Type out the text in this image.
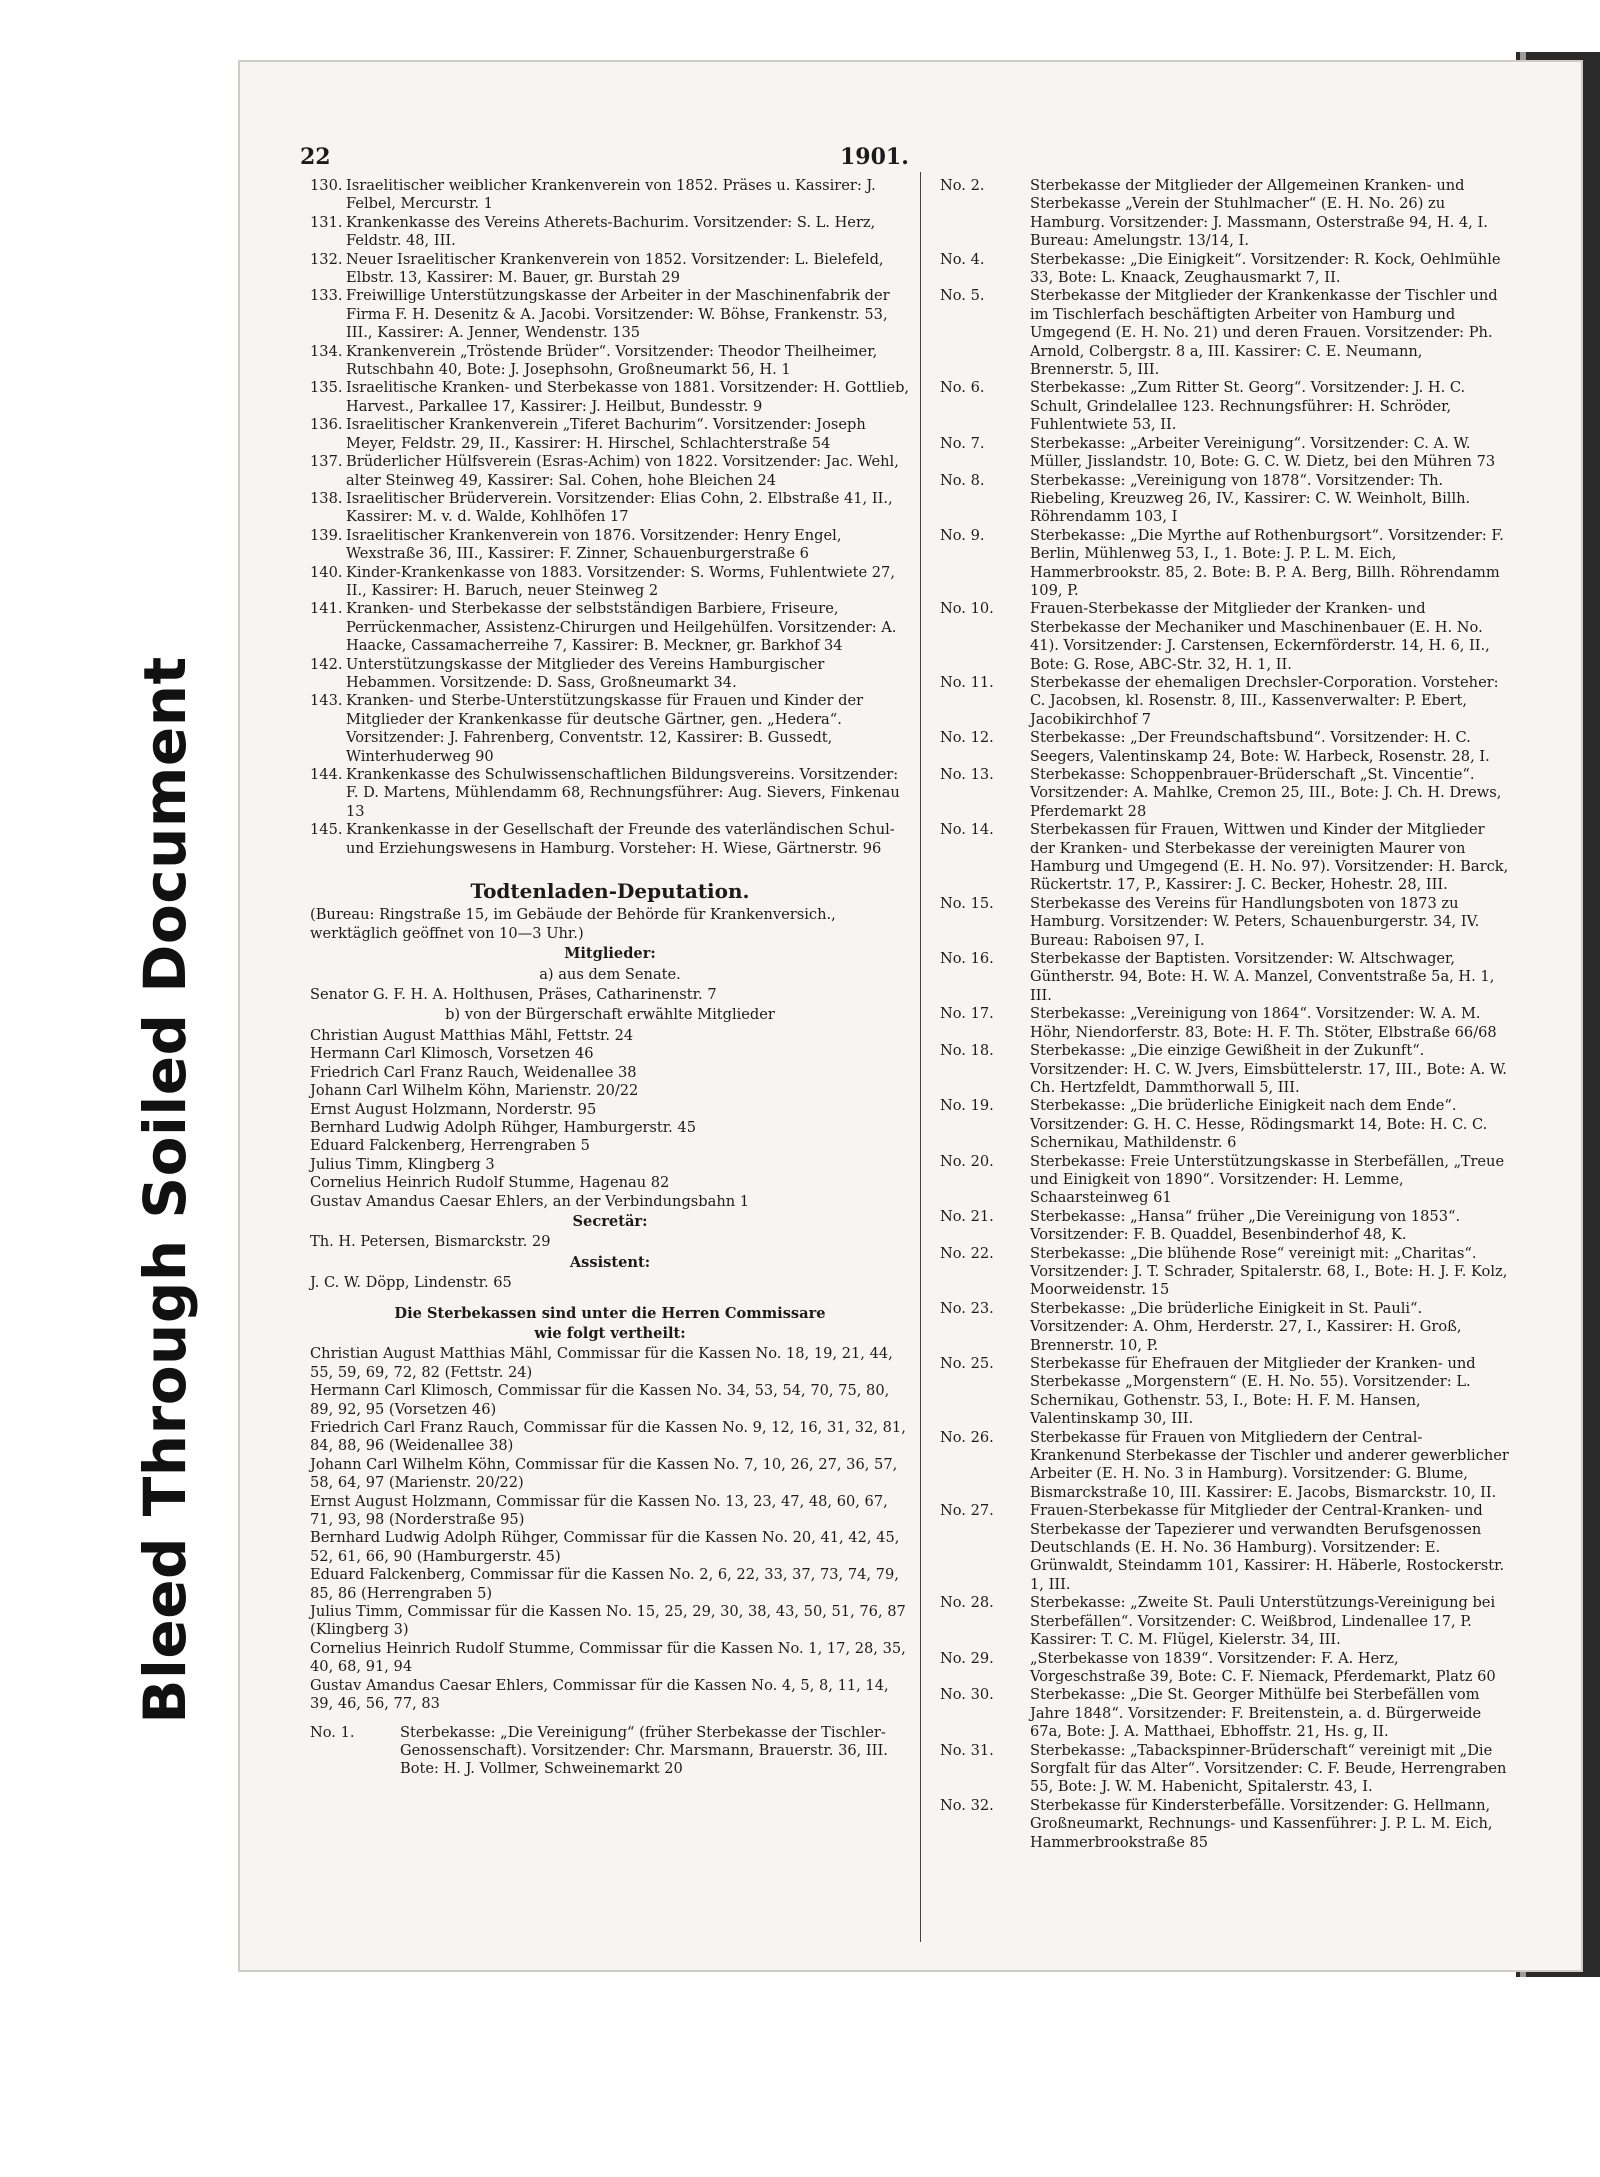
Bleed Through Soiled Document
22	1901.

130. Israelitischer weiblicher Krankenverein von 1852. Präses u. Kassirer: J. Felbel, Mercurstr. 1

131. Krankenkasse des Vereins Atherets-Bachurim. Vorsitzender: S. L. Herz, Feldstr. 48, III.

132. Neuer Israelitischer Krankenverein von 1852. Vorsitzender: L. Bielefeld, Elbstr. 13, Kassirer: M. Bauer, gr. Burstah 29

133. Freiwillige Unterstützungskasse der Arbeiter in der Maschinenfabrik der Firma F. H. Desenitz & A. Jacobi. Vorsitzender: W. Böhse, Frankenstr. 53, III., Kassirer: A. Jenner, Wendenstr. 135

134. Krankenverein „Tröstende Brüder“. Vorsitzender: Theodor Theilheimer, Rutschbahn 40, Bote: J. Josephsohn, Großneumarkt 56, H. 1

135. Israelitische Kranken- und Sterbekasse von 1881. Vorsitzender: H. Gottlieb, Harvest., Parkallee 17, Kassirer: J. Heilbut, Bundesstr. 9

136. Israelitischer Krankenverein „Tiferet Bachurim“. Vorsitzender: Joseph Meyer, Feldstr. 29, II., Kassirer: H. Hirschel, Schlachterstraße 54

137. Brüderlicher Hülfsverein (Esras-Achim) von 1822. Vorsitzender: Jac. Wehl, alter Steinweg 49, Kassirer: Sal. Cohen, hohe Bleichen 24

138. Israelitischer Brüderverein. Vorsitzender: Elias Cohn, 2. Elbstraße 41, II., Kassirer: M. v. d. Walde, Kohlhöfen 17

139. Israelitischer Krankenverein von 1876. Vorsitzender: Henry Engel, Wexstraße 36, III., Kassirer: F. Zinner, Schauenburgerstraße 6

140. Kinder-Krankenkasse von 1883. Vorsitzender: S. Worms, Fuhlentwiete 27, II., Kassirer: H. Baruch, neuer Steinweg 2

141. Kranken- und Sterbekasse der selbstständigen Barbiere, Friseure, Perrückenmacher, Assistenz-Chirurgen und Heilgehülfen. Vorsitzender: A. Haacke, Cassamacherreihe 7, Kassirer: B. Meckner, gr. Barkhof 34

142. Unterstützungskasse der Mitglieder des Vereins Hamburgischer Hebammen. Vorsitzende: D. Sass, Großneumarkt 34.

143. Kranken- und Sterbe-Unterstützungskasse für Frauen und Kinder der Mitglieder der Krankenkasse für deutsche Gärtner, gen. „Hedera“. Vorsitzender: J. Fahrenberg, Conventstr. 12, Kassirer: B. Gussedt, Winterhuderweg 90

144. Krankenkasse des Schulwissenschaftlichen Bildungsvereins. Vorsitzender: F. D. Martens, Mühlendamm 68, Rechnungsführer: Aug. Sievers, Finkenau 13

145. Krankenkasse in der Gesellschaft der Freunde des vaterländischen Schul- und Erziehungswesens in Hamburg. Vorsteher: H. Wiese, Gärtnerstr. 96

Todtenladen-Deputation.

(Bureau: Ringstraße 15, im Gebäude der Behörde für Krankenversich., werktäglich geöffnet von 10—3 Uhr.)

Mitglieder:
a) aus dem Senate.

Senator G. F. H. A. Holthusen, Präses, Catharinenstr. 7

b) von der Bürgerschaft erwählte Mitglieder

Christian August Matthias Mähl, Fettstr. 24

Hermann Carl Klimosch, Vorsetzen 46

Friedrich Carl Franz Rauch, Weidenallee 38

Johann Carl Wilhelm Köhn, Marienstr. 20/22

Ernst August Holzmann, Norderstr. 95

Bernhard Ludwig Adolph Rühger, Hamburgerstr. 45

Eduard Falckenberg, Herrengraben 5

Julius Timm, Klingberg 3

Cornelius Heinrich Rudolf Stumme, Hagenau 82

Gustav Amandus Caesar Ehlers, an der Verbindungsbahn 1

Secretär:

Th. H. Petersen, Bismarckstr. 29

Assistent:

J. C. W. Döpp, Lindenstr. 65

Die Sterbekassen sind unter die Herren Commissare
wie folgt vertheilt:

Christian August Matthias Mähl, Commissar für die Kassen No. 18, 19, 21, 44, 55, 59, 69, 72, 82 (Fettstr. 24)

Hermann Carl Klimosch, Commissar für die Kassen No. 34, 53, 54, 70, 75, 80, 89, 92, 95 (Vorsetzen 46)

Friedrich Carl Franz Rauch, Commissar für die Kassen No. 9, 12, 16, 31, 32, 81, 84, 88, 96 (Weidenallee 38)

Johann Carl Wilhelm Köhn, Commissar für die Kassen No. 7, 10, 26, 27, 36, 57, 58, 64, 97 (Marienstr. 20/22)

Ernst August Holzmann, Commissar für die Kassen No. 13, 23, 47, 48, 60, 67, 71, 93, 98 (Norderstraße 95)

Bernhard Ludwig Adolph Rühger, Commissar für die Kassen No. 20, 41, 42, 45, 52, 61, 66, 90 (Hamburgerstr. 45)

Eduard Falckenberg, Commissar für die Kassen No. 2, 6, 22, 33, 37, 73, 74, 79, 85, 86 (Herrengraben 5)

Julius Timm, Commissar für die Kassen No. 15, 25, 29, 30, 38, 43, 50, 51, 76, 87 (Klingberg 3)

Cornelius Heinrich Rudolf Stumme, Commissar für die Kassen No. 1, 17, 28, 35, 40, 68, 91, 94

Gustav Amandus Caesar Ehlers, Commissar für die Kassen No. 4, 5, 8, 11, 14, 39, 46, 56, 77, 83

No. 1.	Sterbekasse: „Die Vereinigung“ (früher Sterbekasse der Tischler-Genossenschaft). Vorsitzender: Chr. Marsmann, Brauerstr. 36, III. Bote: H. J. Vollmer, Schweinemarkt 20

No. 2.	Sterbekasse der Mitglieder der Allgemeinen Kranken- und Sterbekasse „Verein der Stuhlmacher“ (E. H. No. 26) zu Hamburg. Vorsitzender: J. Massmann, Osterstraße 94, H. 4, I. Bureau: Amelungstr. 13/14, I.

No. 4.	Sterbekasse: „Die Einigkeit“. Vorsitzender: R. Kock, Oehlmühle 33, Bote: L. Knaack, Zeughausmarkt 7, II.

No. 5.	Sterbekasse der Mitglieder der Krankenkasse der Tischler und im Tischlerfach beschäftigten Arbeiter von Hamburg und Umgegend (E. H. No. 21) und deren Frauen. Vorsitzender: Ph. Arnold, Colbergstr. 8 a, III. Kassirer: C. E. Neumann, Brennerstr. 5, III.

No. 6.	Sterbekasse: „Zum Ritter St. Georg“. Vorsitzender: J. H. C. Schult, Grindelallee 123. Rechnungsführer: H. Schröder, Fuhlentwiete 53, II.

No. 7.	Sterbekasse: „Arbeiter Vereinigung“. Vorsitzender: C. A. W. Müller, Jisslandstr. 10, Bote: G. C. W. Dietz, bei den Mühren 73

No. 8.	Sterbekasse: „Vereinigung von 1878“. Vorsitzender: Th. Riebeling, Kreuzweg 26, IV., Kassirer: C. W. Weinholt, Billh. Röhrendamm 103, I

No. 9.	Sterbekasse: „Die Myrthe auf Rothenburgsort“. Vorsitzender: F. Berlin, Mühlenweg 53, I., 1. Bote: J. P. L. M. Eich, Hammerbrookstr. 85, 2. Bote: B. P. A. Berg, Billh. Röhrendamm 109, P.

No. 10. Frauen-Sterbekasse der Mitglieder der Kranken- und Sterbekasse der Mechaniker und Maschinenbauer (E. H. No. 41). Vorsitzender: J. Carstensen, Eckernförderstr. 14, H. 6, II., Bote: G. Rose, ABC-Str. 32, H. 1, II.

No. 11. Sterbekasse der ehemaligen Drechsler-Corporation. Vorsteher: C. Jacobsen, kl. Rosenstr. 8, III., Kassenverwalter: P. Ebert, Jacobikirchhof 7

No. 12. Sterbekasse: „Der Freundschaftsbund“. Vorsitzender: H. C. Seegers, Valentinskamp 24, Bote: W. Harbeck, Rosenstr. 28, I.

No. 13. Sterbekasse: Schoppenbrauer-Brüderschaft „St. Vincentie“. Vorsitzender: A. Mahlke, Cremon 25, III., Bote: J. Ch. H. Drews, Pferdemarkt 28

No. 14. Sterbekassen für Frauen, Wittwen und Kinder der Mitglieder der Kranken- und Sterbekasse der vereinigten Maurer von Hamburg und Umgegend (E. H. No. 97). Vorsitzender: H. Barck, Rückertstr. 17, P., Kassirer: J. C. Becker, Hohestr. 28, III.

No. 15. Sterbekasse des Vereins für Handlungsboten von 1873 zu Hamburg. Vorsitzender: W. Peters, Schauenburgerstr. 34, IV. Bureau: Raboisen 97, I.

No. 16. Sterbekasse der Baptisten. Vorsitzender: W. Altschwager, Güntherstr. 94, Bote: H. W. A. Manzel, Conventstraße 5a, H. 1, III.

No. 17. Sterbekasse: „Vereinigung von 1864“. Vorsitzender: W. A. M. Höhr, Niendorferstr. 83, Bote: H. F. Th. Stöter, Elbstraße 66/68

No. 18. Sterbekasse: „Die einzige Gewißheit in der Zukunft“. Vorsitzender: H. C. W. Jvers, Eimsbüttelerstr. 17, III., Bote: A. W. Ch. Hertzfeldt, Dammthorwall 5, III.

No. 19. Sterbekasse: „Die brüderliche Einigkeit nach dem Ende“. Vorsitzender: G. H. C. Hesse, Rödingsmarkt 14, Bote: H. C. C. Schernikau, Mathildenstr. 6

No. 20. Sterbekasse: Freie Unterstützungskasse in Sterbefällen, „Treue und Einigkeit von 1890“. Vorsitzender: H. Lemme, Schaarsteinweg 61

No. 21. Sterbekasse: „Hansa“ früher „Die Vereinigung von 1853“. Vorsitzender: F. B. Quaddel, Besenbinderhof 48, K.

No. 22. Sterbekasse: „Die blühende Rose“ vereinigt mit: „Charitas“. Vorsitzender: J. T. Schrader, Spitalerstr. 68, I., Bote: H. J. F. Kolz, Moorweidenstr. 15

No. 23. Sterbekasse: „Die brüderliche Einigkeit in St. Pauli“. Vorsitzender: A. Ohm, Herderstr. 27, I., Kassirer: H. Groß, Brennerstr. 10, P.

No. 25. Sterbekasse für Ehefrauen der Mitglieder der Kranken- und Sterbekasse „Morgenstern“ (E. H. No. 55). Vorsitzender: L. Schernikau, Gothenstr. 53, I., Bote: H. F. M. Hansen, Valentinskamp 30, III.

No. 26. Sterbekasse für Frauen von Mitgliedern der Central-Krankenund Sterbekasse der Tischler und anderer gewerblicher Arbeiter (E. H. No. 3 in Hamburg). Vorsitzender: G. Blume, Bismarckstraße 10, III. Kassirer: E. Jacobs, Bismarckstr. 10, II.

No. 27. Frauen-Sterbekasse für Mitglieder der Central-Kranken- und Sterbekasse der Tapezierer und verwandten Berufsgenossen Deutschlands (E. H. No. 36 Hamburg). Vorsitzender: E. Grünwaldt, Steindamm 101, Kassirer: H. Häberle, Rostockerstr. 1, III.

No. 28. Sterbekasse: „Zweite St. Pauli Unterstützungs-Vereinigung bei Sterbefällen“. Vorsitzender: C. Weißbrod, Lindenallee 17, P. Kassirer: T. C. M. Flügel, Kielerstr. 34, III.

No. 29. „Sterbekasse von 1839“. Vorsitzender: F. A. Herz, Vorgeschstraße 39, Bote: C. F. Niemack, Pferdemarkt, Platz 60

No. 30. Sterbekasse: „Die St. Georger Mithülfe bei Sterbefällen vom Jahre 1848“. Vorsitzender: F. Breitenstein, a. d. Bürgerweide 67a, Bote: J. A. Matthaei, Ebhoffstr. 21, Hs. g, II.

No. 31. Sterbekasse: „Tabackspinner-Brüderschaft“ vereinigt mit „Die Sorgfalt für das Alter“. Vorsitzender: C. F. Beude, Herrengraben 55, Bote: J. W. M. Habenicht, Spitalerstr. 43, I.

No. 32. Sterbekasse für Kindersterbefälle. Vorsitzender: G. Hellmann, Großneumarkt, Rechnungs- und Kassenführer: J. P. L. M. Eich, Hammerbrookstraße 85
